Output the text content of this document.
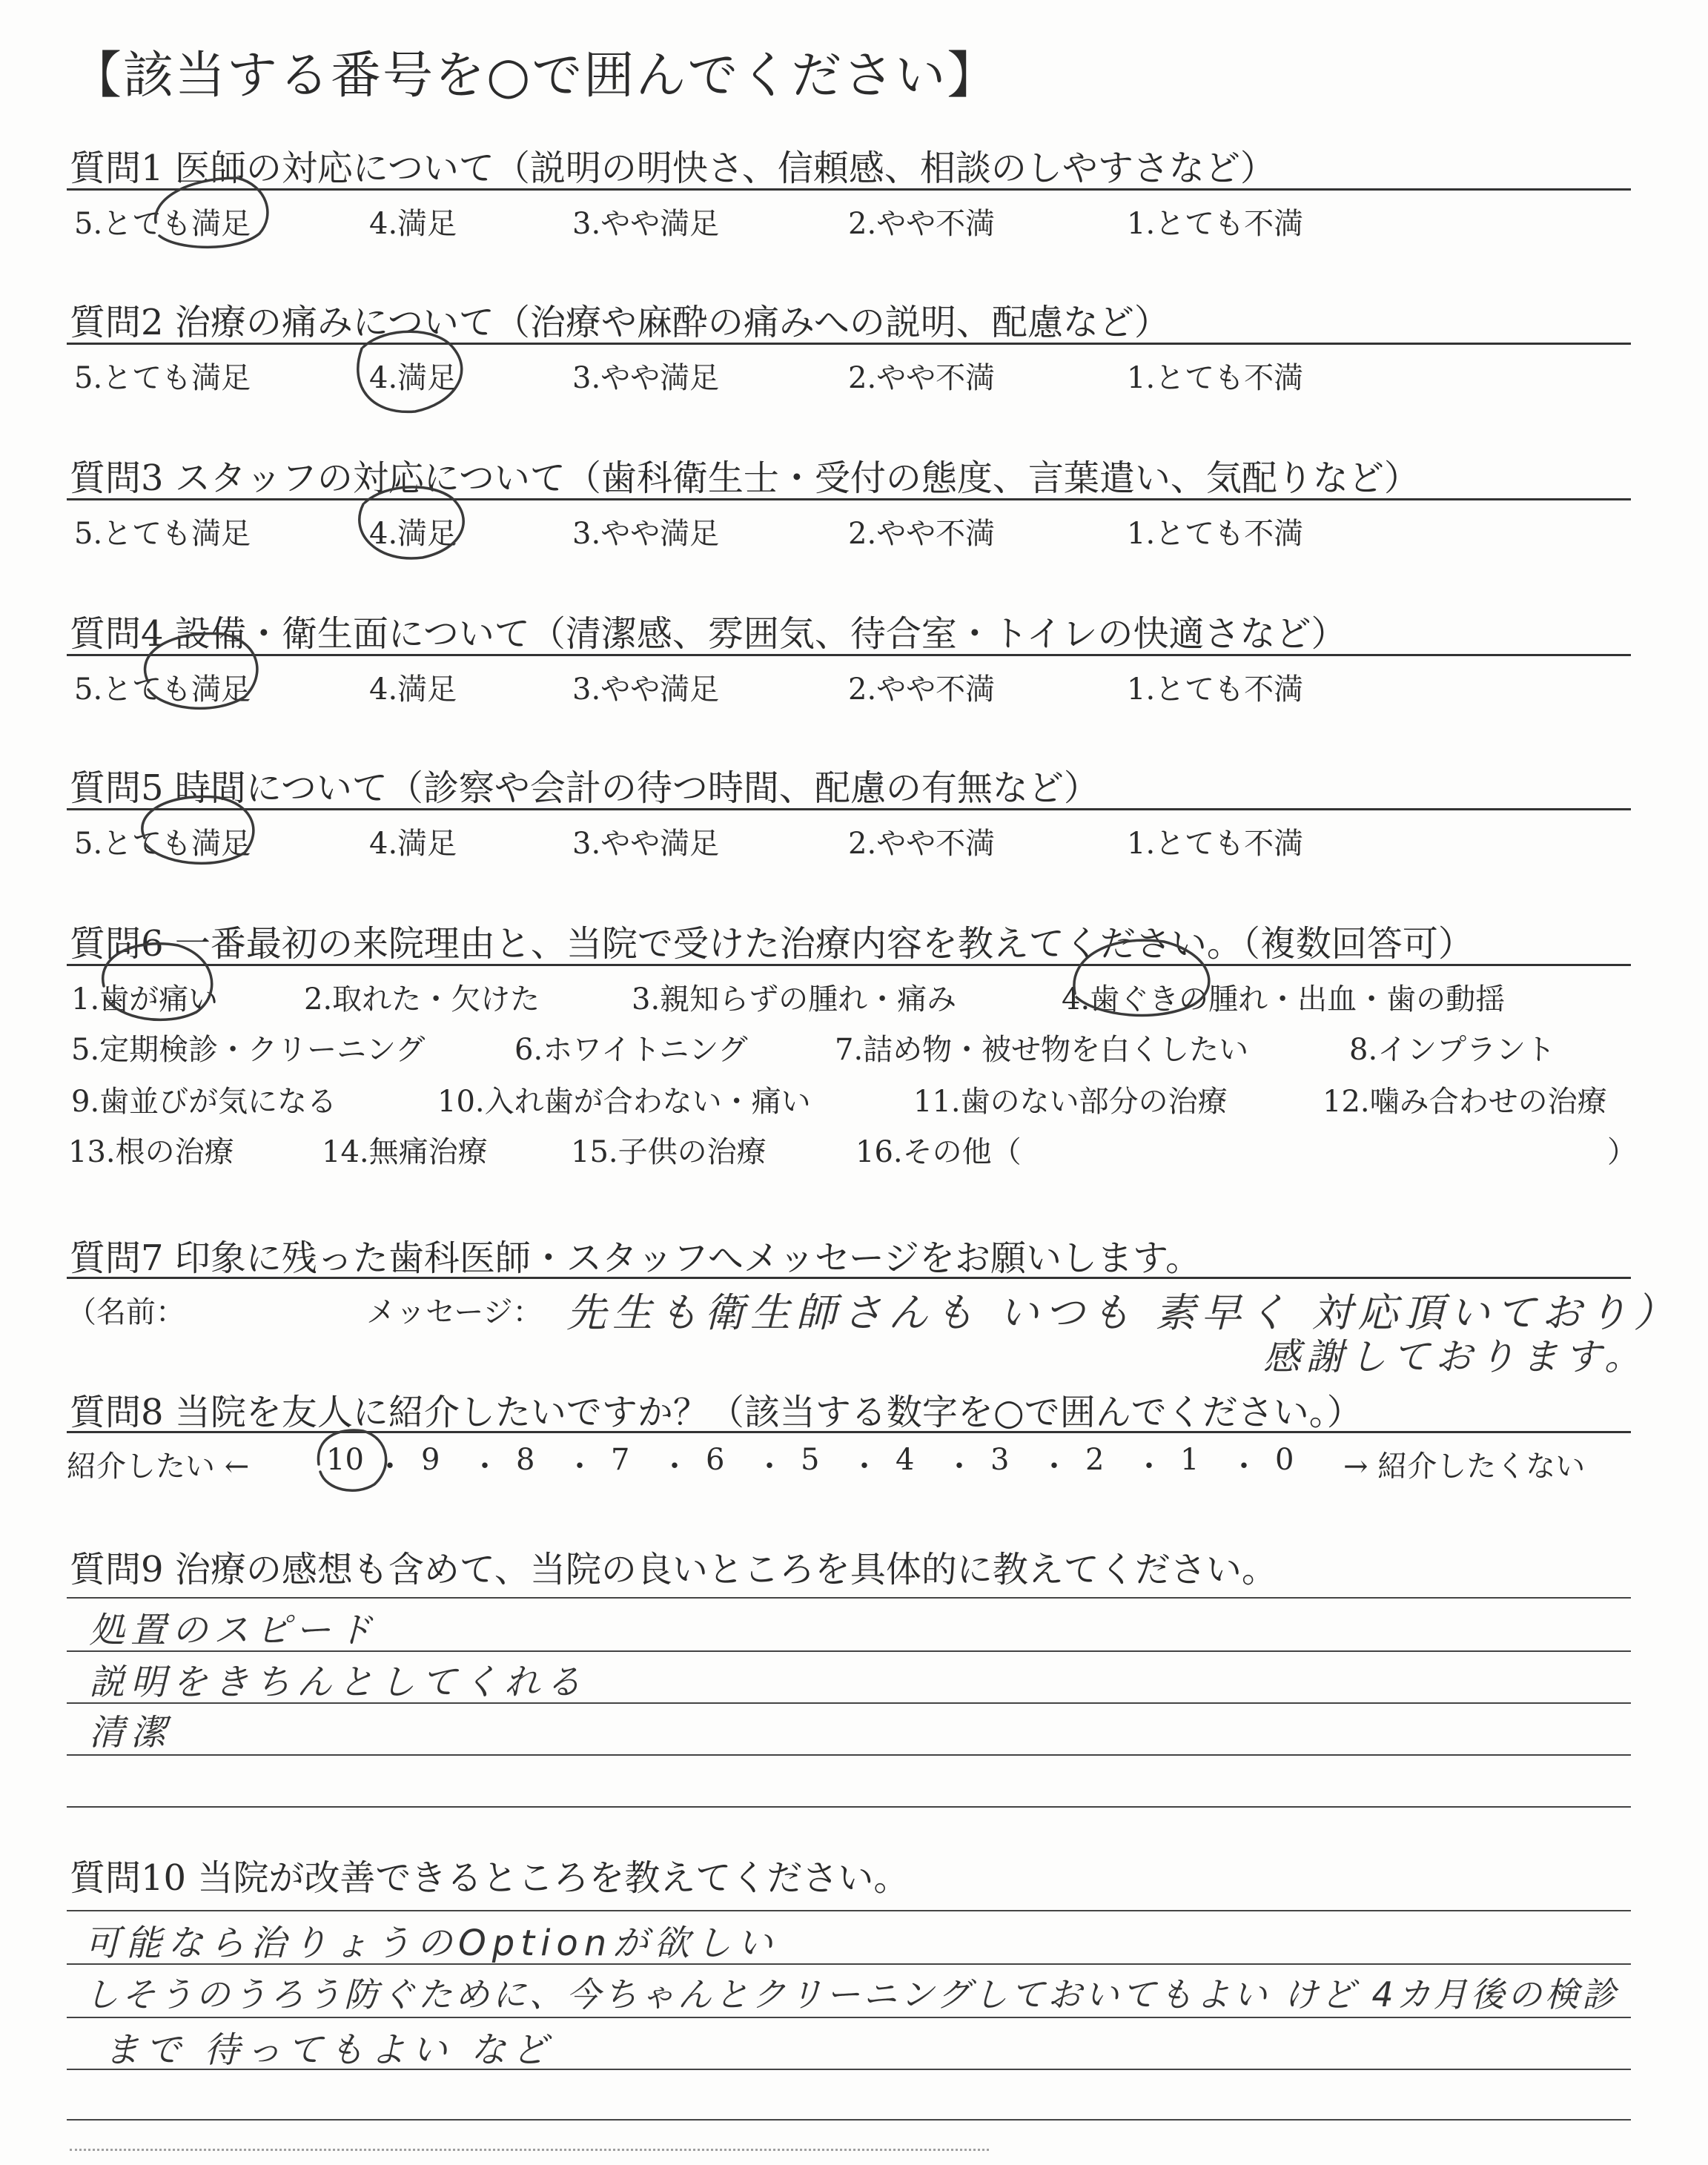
【該当する番号を○で囲んでください】
質問1 医師の対応について（説明の明快さ、信頼感、相談のしやすさなど）
5.とても満足	4.満足	3.やや満足	2.やや不満	1.とても不満
質問2 治療の痛みについて（治療や麻酔の痛みへの説明、配慮など）
5.とても満足	4.満足	3.やや満足	2.やや不満	1.とても不満
質問3 スタッフの対応について（歯科衛生士・受付の態度、言葉遣い、気配りなど）
5.とても満足	4.満足	3.やや満足	2.やや不満	1.とても不満
質問4 設備・衛生面について（清潔感、雰囲気、待合室・トイレの快適さなど）
5.とても満足	4.満足	3.やや満足	2.やや不満	1.とても不満
質問5 時間について（診察や会計の待つ時間、配慮の有無など）
5.とても満足	4.満足	3.やや満足	2.やや不満	1.とても不満
質問6 一番最初の来院理由と、当院で受けた治療内容を教えてください。（複数回答可）
1.歯が痛い	2.取れた・欠けた	3.親知らずの腫れ・痛み	4.歯ぐきの腫れ・出血・歯の動揺
5.定期検診・クリーニング	6.ホワイトニング	7.詰め物・被せ物を白くしたい	8.インプラント
9.歯並びが気になる	10.入れ歯が合わない・痛い	11.歯のない部分の治療	12.噛み合わせの治療
13.根の治療	14.無痛治療	15.子供の治療	16.その他（	）
質問7 印象に残った歯科医師・スタッフへメッセージをお願いします。
（名前：	メッセージ： 先生も衛生師さんも いつも 素早く 対応頂いており）
感謝しております。
質問8 当院を友人に紹介したいですか？（該当する数字を○で囲んでください。）
紹介したい ←	→ 紹介したくない
10 ・ 9 ・ 8 ・ 7 ・ 6 ・ 5 ・ 4 ・ 3 ・ 2 ・ 1 ・ 0
質問9 治療の感想も含めて、当院の良いところを具体的に教えてください。
処置のスピード
説明をきちんとしてくれる
清潔
質問10 当院が改善できるところを教えてください。
可能なら治りょうのOptionが欲しい
しそうのうろう防ぐために、今ちゃんとクリーニングしておいてもよい けど 4カ月後の検診
まで 待ってもよい など
